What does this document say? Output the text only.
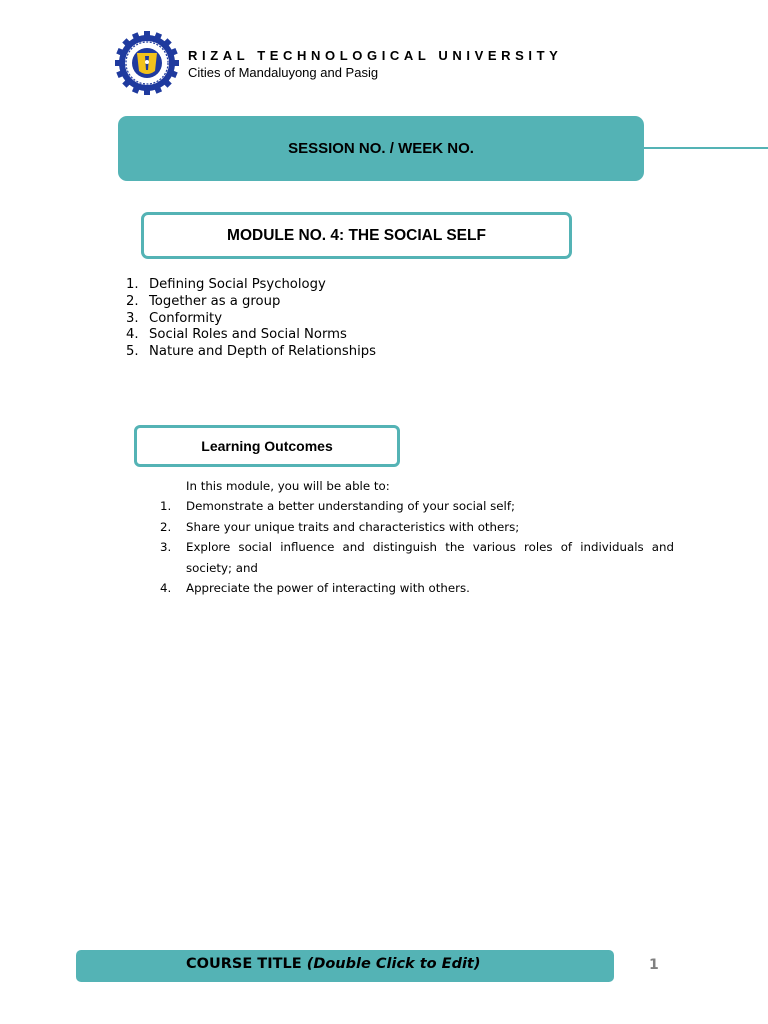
RIZAL TECHNOLOGICAL UNIVERSITY
Cities of Mandaluyong and Pasig
SESSION NO. / WEEK NO.
MODULE NO. 4: THE SOCIAL SELF
1. Defining Social Psychology
2. Together as a group
3. Conformity
4. Social Roles and Social Norms
5. Nature and Depth of Relationships
Learning Outcomes
In this module, you will be able to:
1.	Demonstrate a better understanding of your social self;
2.	Share your unique traits and characteristics with others;
3.	Explore social influence and distinguish the various roles of individuals and society; and
4.	Appreciate the power of interacting with others.
COURSE TITLE (Double Click to Edit)	1
